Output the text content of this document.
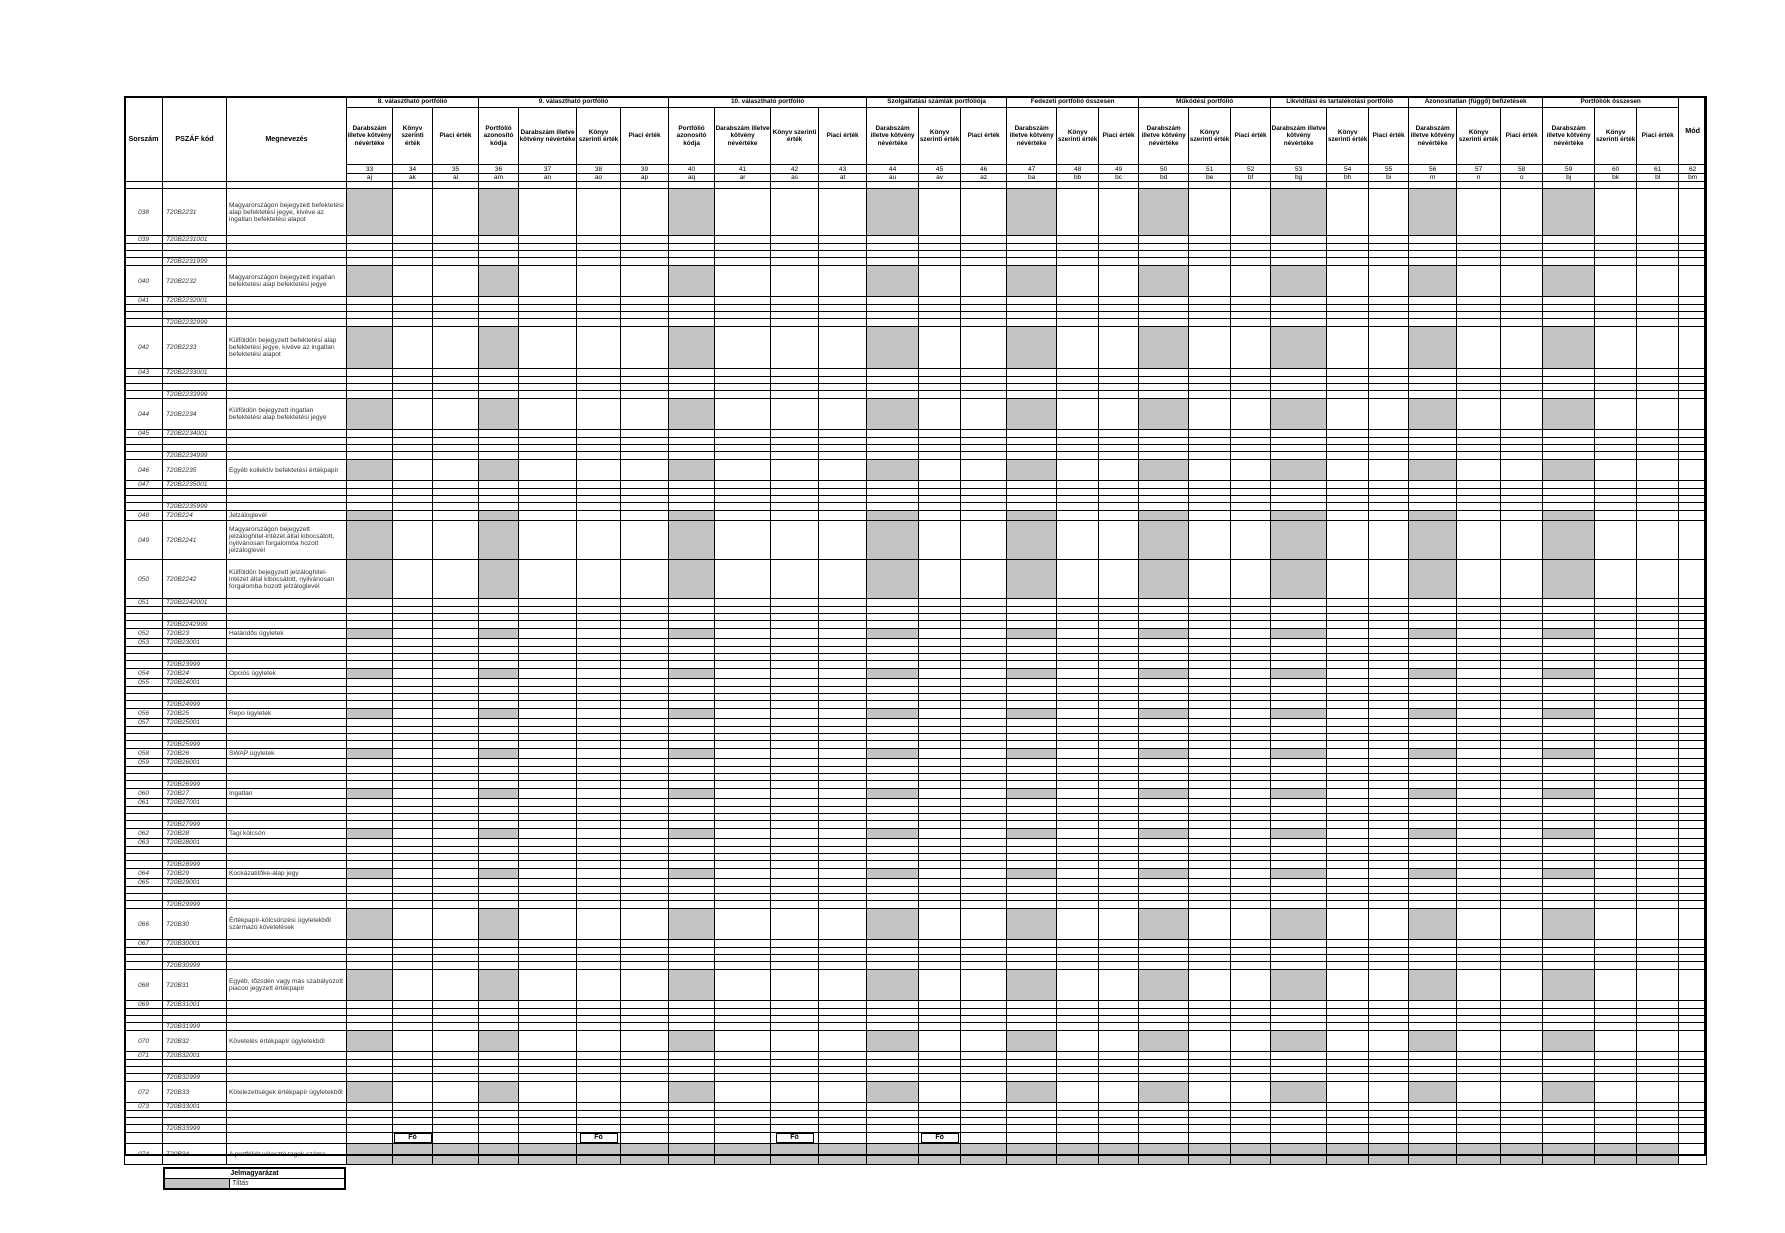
Sorszám	PSZÁF kód	Megnevezés	8. választható portfólió			9. választható portfólió				10. választható portfólió				Szolgáltatási számlák portfóliója			Fedezeti portfólió összesen			Működési portfólió			Likviditási és tartalékolási portfólió			Azonosítatlan (függő) befizetések			Portfóliók összesen			Mód	
			Darabszám illetve kötvény névértéke	Könyv szerinti érték	Piaci érték	Portfólió azonosító kódja	Darabszám illetve kötvény névértéke	Könyv szerinti érték	Piaci érték	Portfólió azonosító kódja	Darabszám illetve kötvény névértéke	Könyv szerinti érték	Piaci érték	Darabszám illetve kötvény névértéke	Könyv szerinti érték	Piaci érték	Darabszám illetve kötvény névértéke	Könyv szerinti érték	Piaci érték	Darabszám illetve kötvény névértéke	Könyv szerinti érték	Piaci érték	Darabszám illetve kötvény névértéke	Könyv szerinti érték	Piaci érték	Darabszám illetve kötvény névértéke	Könyv szerinti érték	Piaci érték	Darabszám illetve kötvény névértéke	Könyv szerinti érték	Piaci érték		
			33	34	35	36	37	38	39	40	41	42	43	44	45	46	47	48	49	50	51	52	53	54	55	56	57	58	59	60	61	62	
			aj	ak	al	am	an	ao	ap	aq	ar	as	at	au	av	az	ba	bb	bc	bd	be	bf	bg	bh	bi	m	n	o	bj	bk	bl	bm	

038	T20B2231	Magyarországon bejegyzett befektetési alap befektetési jegye, kivéve az ingatlan befektetési alapot																															
039	T20B2231001																																

	T20B2231999																																
040	T20B2232	Magyarországon bejegyzett ingatlan befektetési alap befektetési jegye																															
041	T20B2232001																																

	T20B2232999																																
042	T20B2233	Külföldön bejegyzett befektetési alap befektetési jegye, kivéve az ingatlan befektetési alapot																															
043	T20B2233001																																

	T20B2233999																																
044	T20B2234	Külföldön bejegyzett ingatlan befektetési alap befektetési jegye																															
045	T20B2234001																																

	T20B2234999																																
046	T20B2235	Egyéb kollektív befektetési értékpapír																															
047	T20B2235001																																

	T20B2235999																																
048	T20B224	Jelzáloglevél																															
049	T20B2241	Magyarországon bejegyzett jelzáloghitel-intézet által kibocsátott, nyilvánosan forgalomba hozott jelzáloglevél																															
050	T20B2242	Külföldön bejegyzett jelzáloghitel-intézet által kibocsátott, nyilvánosan forgalomba hozott jelzáloglevél																															
051	T20B2242001																																

	T20B2242999																																
052	T20B23	Határidős ügyletek																															
053	T20B23001																																

	T20B23999																																
054	T20B24	Opciós ügyletek																															
055	T20B24001																																

	T20B24999																																
056	T20B25	Repo ügyletek																															
057	T20B25001																																

	T20B25999																																
058	T20B26	SWAP ügyletek																															
059	T20B26001																																

	T20B26999																																
060	T20B27	Ingatlan																															
061	T20B27001																																

	T20B27999																																
062	T20B28	Tagi kölcsön																															
063	T20B28001																																

	T20B28999																																
064	T20B29	Kockázatitőke-alap jegy																															
065	T20B29001																																

	T20B29999																																
066	T20B30	Értékpapír-kölcsönzési ügyletekből származó követelések																															
067	T20B30001																																

	T20B30999																																
068	T20B31	Egyéb, tőzsdén vagy más szabályozott piacon jegyzett értékpapír																															
069	T20B31001																																

	T20B31999																																
070	T20B32	Követelés értékpapír ügyletekből																															
071	T20B32001																																

	T20B32999																																
072	T20B33	Kötelezettségek értékpapír ügyletekből																															
073	T20B33001																																

	T20B33999																																
				Fő				Fő				Fő			Fő																		
074	T20B34	A portfóliót választó tagok száma																															
Jelmagyarázat
Tiltás
